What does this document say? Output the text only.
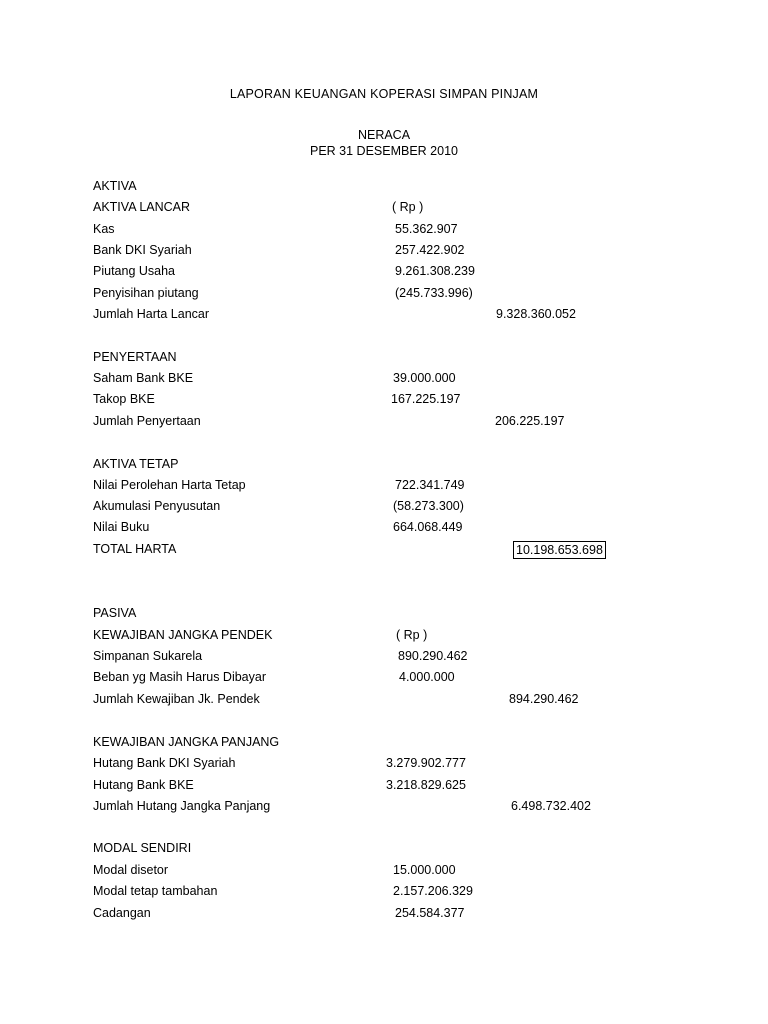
LAPORAN KEUANGAN KOPERASI SIMPAN PINJAM
NERACA
PER 31 DESEMBER 2010
AKTIVA
AKTIVA LANCAR	( Rp )
Kas	55.362.907
Bank DKI Syariah	257.422.902
Piutang Usaha	9.261.308.239
Penyisihan piutang	(245.733.996)
Jumlah Harta Lancar	9.328.360.052
PENYERTAAN
Saham Bank BKE	39.000.000
Takop BKE	167.225.197
Jumlah Penyertaan	206.225.197
AKTIVA TETAP
Nilai Perolehan Harta Tetap	722.341.749
Akumulasi Penyusutan	(58.273.300)
Nilai Buku	664.068.449
TOTAL HARTA	10.198.653.698
PASIVA
KEWAJIBAN JANGKA PENDEK	( Rp )
Simpanan Sukarela	890.290.462
Beban yg Masih Harus Dibayar	4.000.000
Jumlah Kewajiban Jk. Pendek	894.290.462
KEWAJIBAN JANGKA PANJANG
Hutang Bank DKI Syariah	3.279.902.777
Hutang Bank BKE	3.218.829.625
Jumlah Hutang Jangka Panjang	6.498.732.402
MODAL SENDIRI
Modal disetor	15.000.000
Modal tetap tambahan	2.157.206.329
Cadangan	254.584.377
